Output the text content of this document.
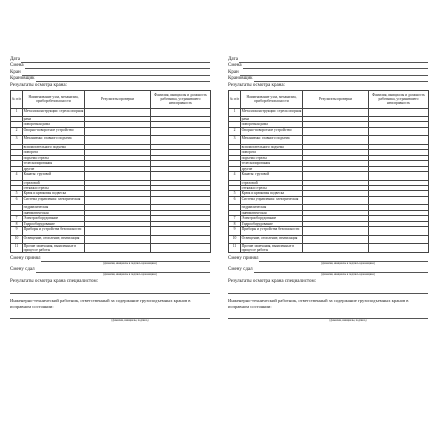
Дата
Смена
Кран
Крановщик
Результаты осмотра крана:
№ п/п	Наименование узла, механизма, приборобезопасности	Результаты проверки	Фамилия, инициалы и должность работника, устранившего неисправность
1	Металлоконструкции: стрела опорная		
	рама		
	поворотная рама		
2	Опорно-поворотное устройство		
3	Механизмы: главного подъема		
	вспомогательного подъема		
	поворота		
	подъема стрелы		
	телескопирования		
	другие		
4	Канаты: грузовой		
	стреловой		
	оттяжки стрелы		
5	Крюк и крюковая подвеска		
6	Система управления: электрическая		
	гидравлическая		
	пневматическая		
7	Электрооборудование		
8	Гидрооборудование		
9	Приборы и устройства безопасности		
10	Освещение, отопление, вентиляция		
11	Прочие замечания, выявленные в процессе работы		
Смену принял
(фамилия, инициалы и подпись крановщика)
Смену сдал
(фамилия, инициалы и подпись крановщика)
Результаты осмотра крана специалистом:
Инженерно-технический работник, ответственный за содержание грузоподъемных кранов в исправном состоянии:
(фамилия, инициалы, подпись)
Дата
Смена
Кран
Крановщик
Результаты осмотра крана:
№ п/п	Наименование узла, механизма, приборобезопасности	Результаты проверки	Фамилия, инициалы и должность работника, устранившего неисправность
1	Металлоконструкции: стрела опорная		
	рама		
	поворотная рама		
2	Опорно-поворотное устройство		
3	Механизмы: главного подъема		
	вспомогательного подъема		
	поворота		
	подъема стрелы		
	телескопирования		
	другие		
4	Канаты: грузовой		
	стреловой		
	оттяжки стрелы		
5	Крюк и крюковая подвеска		
6	Система управления: электрическая		
	гидравлическая		
	пневматическая		
7	Электрооборудование		
8	Гидрооборудование		
9	Приборы и устройства безопасности		
10	Освещение, отопление, вентиляция		
11	Прочие замечания, выявленные в процессе работы		
Смену принял
(фамилия, инициалы и подпись крановщика)
Смену сдал
(фамилия, инициалы и подпись крановщика)
Результаты осмотра крана специалистом:
Инженерно-технический работник, ответственный за содержание грузоподъемных кранов в исправном состоянии:
(фамилия, инициалы, подпись)
